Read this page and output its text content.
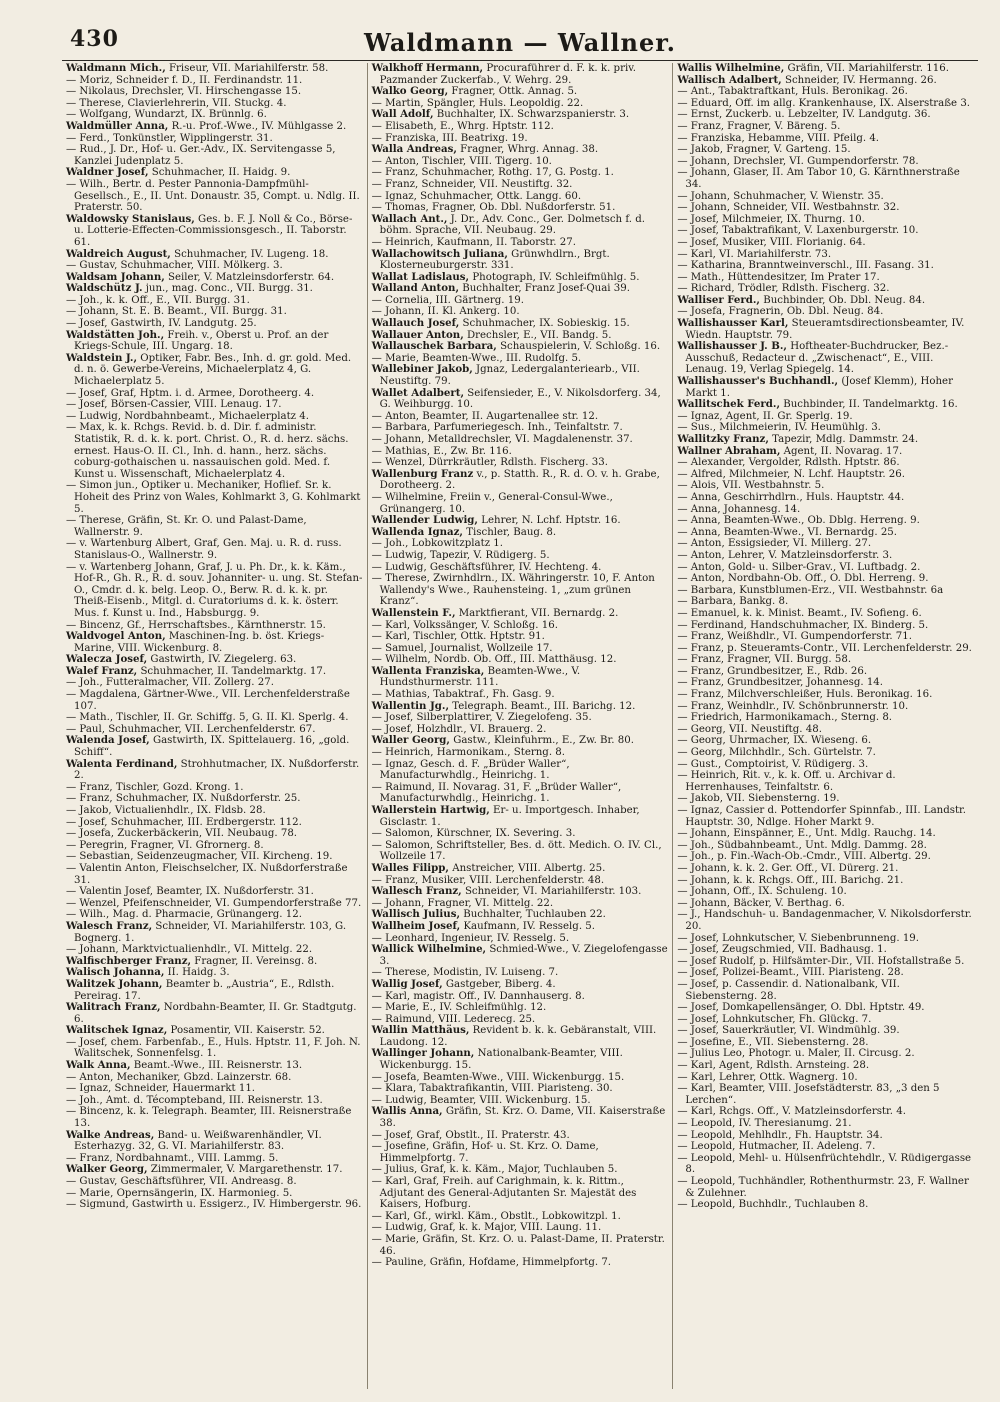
430	Waldmann — Wallner.

Waldmann Mich., Friseur, VII. Mariahilferstr. 58.

— Moriz, Schneider f. D., II. Ferdinandstr. 11.

— Nikolaus, Drechsler, VI. Hirschengasse 15.

— Therese, Clavierlehrerin, VII. Stuckg. 4.

— Wolfgang, Wundarzt, IX. Brünnlg. 6.

Waldmüller Anna, R.-u. Prof.-Wwe., IV. Mühlgasse 2.

— Ferd., Tonkünstler, Wipplingerstr. 31.

— Rud., J. Dr., Hof- u. Ger.-Adv., IX. Servitengasse 5, Kanzlei Judenplatz 5.

Waldner Josef, Schuhmacher, II. Haidg. 9.

— Wilh., Bertr. d. Pester Pannonia-Dampfmühl-Gesellsch., E., II. Unt. Donaustr. 35, Compt. u. Ndlg. II. Praterstr. 50.

Waldowsky Stanislaus, Ges. b. F. J. Noll & Co., Börse- u. Lotterie-Effecten-Commissionsgesch., II. Taborstr. 61.

Waldreich August, Schuhmacher, IV. Lugeng. 18.

— Gustav, Schuhmacher, VIII. Mölkerg. 3.

Waldsam Johann, Seiler, V. Matzleinsdorferstr. 64.

Waldschütz J. jun., mag. Conc., VII. Burgg. 31.

— Joh., k. k. Off., E., VII. Burgg. 31.

— Johann, St. E. B. Beamt., VII. Burgg. 31.

— Josef, Gastwirth, IV. Landgutg. 25.

Waldstätten Joh., Freih. v., Oberst u. Prof. an der Kriegs-Schule, III. Ungarg. 18.

Waldstein J., Optiker, Fabr. Bes., Inh. d. gr. gold. Med. d. n. ö. Gewerbe-Vereins, Michaelerplatz 4, G. Michaelerplatz 5.

— Josef, Graf, Hptm. i. d. Armee, Dorotheerg. 4.

— Josef, Börsen-Cassier, VIII. Lenaug. 17.

— Ludwig, Nordbahnbeamt., Michaelerplatz 4.

— Max, k. k. Rchgs. Revid. b. d. Dir. f. administr. Statistik, R. d. k. k. port. Christ. O., R. d. herz. sächs. ernest. Haus-O. II. Cl., Inh. d. hann., herz. sächs. coburg-gothaischen u. nassauischen gold. Med. f. Kunst u. Wissenschaft, Michaelerplatz 4.

— Simon jun., Optiker u. Mechaniker, Hoflief. Sr. k. Hoheit des Prinz von Wales, Kohlmarkt 3, G. Kohlmarkt 5.

— Therese, Gräfin, St. Kr. O. und Palast-Dame, Wallnerstr. 9.

— v. Wartenburg Albert, Graf, Gen. Maj. u. R. d. russ. Stanislaus-O., Wallnerstr. 9.

— v. Wartenberg Johann, Graf, J. u. Ph. Dr., k. k. Käm., Hof-R., Gh. R., R. d. souv. Johanniter- u. ung. St. Stefan-O., Cmdr. d. k. belg. Leop. O., Berw. R. d. k. k. pr. Theiß-Eisenb., Mitgl. d. Curatoriums d. k. k. österr. Mus. f. Kunst u. Ind., Habsburgg. 9.

— Bincenz, Gf., Herrschaftsbes., Kärnthnerstr. 15.

Waldvogel Anton, Maschinen-Ing. b. öst. Kriegs-Marine, VIII. Wickenburg. 8.

Walecza Josef, Gastwirth, IV. Ziegelerg. 63.

Walef Franz, Schuhmacher, II. Tandelmarktg. 17.

— Joh., Futteralmacher, VII. Zollerg. 27.

— Magdalena, Gärtner-Wwe., VII. Lerchenfelderstraße 107.

— Math., Tischler, II. Gr. Schiffg. 5, G. II. Kl. Sperlg. 4.

— Paul, Schuhmacher, VII. Lerchenfelderstr. 67.

Walenda Josef, Gastwirth, IX. Spittelauerg. 16, „gold. Schiff“.

Walenta Ferdinand, Strohhutmacher, IX. Nußdorferstr. 2.

— Franz, Tischler, Gozd. Krong. 1.

— Franz, Schuhmacher, IX. Nußdorferstr. 25.

— Jakob, Victualienhdlr., IX. Fldsb. 28.

— Josef, Schuhmacher, III. Erdbergerstr. 112.

— Josefa, Zuckerbäckerin, VII. Neubaug. 78.

— Peregrin, Fragner, VI. Gfrornerg. 8.

— Sebastian, Seidenzeugmacher, VII. Kircheng. 19.

— Valentin Anton, Fleischselcher, IX. Nußdorferstraße 31.

— Valentin Josef, Beamter, IX. Nußdorferstr. 31.

— Wenzel, Pfeifenschneider, VI. Gumpendorferstraße 77.

— Wilh., Mag. d. Pharmacie, Grünangerg. 12.

Walesch Franz, Schneider, VI. Mariahilferstr. 103, G. Bognerg. 1.

— Johann, Marktvictualienhdlr., VI. Mittelg. 22.

Walfischberger Franz, Fragner, II. Vereinsg. 8.

Walisch Johanna, II. Haidg. 3.

Walitzek Johann, Beamter b. „Austria“, E., Rdlsth. Pereirag. 17.

Walitrach Franz, Nordbahn-Beamter, II. Gr. Stadtgutg. 6.

Walitschek Ignaz, Posamentir, VII. Kaiserstr. 52.

— Josef, chem. Farbenfab., E., Huls. Hptstr. 11, F. Joh. N. Walitschek, Sonnenfelsg. 1.

Walk Anna, Beamt.-Wwe., III. Reisnerstr. 13.

— Anton, Mechaniker, Gbzd. Lainzerstr. 68.

— Ignaz, Schneider, Hauermarkt 11.

— Joh., Amt. d. Técompteband, III. Reisnerstr. 13.

— Bincenz, k. k. Telegraph. Beamter, III. Reisnerstraße 13.

Walke Andreas, Band- u. Weißwarenhändler, VI. Esterhazyg. 32, G. VI. Mariahilferstr. 83.

— Franz, Nordbahnamt., VIII. Lammg. 5.

Walker Georg, Zimmermaler, V. Margarethenstr. 17.

— Gustav, Geschäftsführer, VII. Andreasg. 8.

— Marie, Opernsängerin, IX. Harmonieg. 5.

— Sigmund, Gastwirth u. Essigerz., IV. Himbergerstr. 96.

Walkhoff Hermann, Procuraführer d. F. k. k. priv. Pazmander Zuckerfab., V. Wehrg. 29.

Walko Georg, Fragner, Ottk. Annag. 5.

— Martin, Spängler, Huls. Leopoldig. 22.

Wall Adolf, Buchhalter, IX. Schwarzspanierstr. 3.

— Elisabeth, E., Whrg. Hptstr. 112.

— Franziska, III. Beatrixg. 19.

Walla Andreas, Fragner, Whrg. Annag. 38.

— Anton, Tischler, VIII. Tigerg. 10.

— Franz, Schuhmacher, Rothg. 17, G. Postg. 1.

— Franz, Schneider, VII. Neustiftg. 32.

— Ignaz, Schuhmacher, Ottk. Langg. 60.

— Thomas, Fragner, Ob. Dbl. Nußdorferstr. 51.

Wallach Ant., J. Dr., Adv. Conc., Ger. Dolmetsch f. d. böhm. Sprache, VII. Neubaug. 29.

— Heinrich, Kaufmann, II. Taborstr. 27.

Wallachowitsch Juliana, Grünwhdlrn., Brgt. Klosterneuburgerstr. 331.

Wallat Ladislaus, Photograph, IV. Schleifmühlg. 5.

Walland Anton, Buchhalter, Franz Josef-Quai 39.

— Cornelia, III. Gärtnerg. 19.

— Johann, II. Kl. Ankerg. 10.

Wallauch Josef, Schuhmacher, IX. Sobieskig. 15.

Wallauer Anton, Drechsler, E., VII. Bandg. 5.

Wallauschek Barbara, Schauspielerin, V. Schloßg. 16.

— Marie, Beamten-Wwe., III. Rudolfg. 5.

Wallebiner Jakob, Jgnaz, Ledergalanteriearb., VII. Neustiftg. 79.

Wallet Adalbert, Seifensieder, E., V. Nikolsdorferg. 34, G. Weihburgg. 10.

— Anton, Beamter, II. Augartenallee str. 12.

— Barbara, Parfumeriegesch. Inh., Teinfaltstr. 7.

— Johann, Metalldrechsler, VI. Magdalenenstr. 37.

— Mathias, E., Zw. Br. 116.

— Wenzel, Dürrkräutler, Rdlsth. Fischerg. 33.

Wallenburg Franz v., p. Statth. R., R. d. O. v. h. Grabe, Dorotheerg. 2.

— Wilhelmine, Freiin v., General-Consul-Wwe., Grünangerg. 10.

Wallender Ludwig, Lehrer, N. Lchf. Hptstr. 16.

Wallenda Ignaz, Tischler, Baug. 8.

— Joh., Lobkowitzplatz 1.

— Ludwig, Tapezir, V. Rüdigerg. 5.

— Ludwig, Geschäftsführer, IV. Hechteng. 4.

— Therese, Zwirnhdlrn., IX. Währingerstr. 10, F. Anton Wallendy's Wwe., Rauhensteing. 1, „zum grünen Kranz“.

Wallenstein F., Marktfierant, VII. Bernardg. 2.

— Karl, Volkssänger, V. Schloßg. 16.

— Karl, Tischler, Ottk. Hptstr. 91.

— Samuel, Journalist, Wollzeile 17.

— Wilhelm, Nordb. Ob. Off., III. Matthäusg. 12.

Wallenta Franziska, Beamten-Wwe., V. Hundsthurmerstr. 111.

— Mathias, Tabaktraf., Fh. Gasg. 9.

Wallentin Jg., Telegraph. Beamt., III. Barichg. 12.

— Josef, Silberplattirer, V. Ziegelofeng. 35.

— Josef, Holzhdlr., VI. Brauerg. 2.

Waller Georg, Gastw., Kleinfuhrm., E., Zw. Br. 80.

— Heinrich, Harmonikam., Sterng. 8.

— Ignaz, Gesch. d. F. „Brüder Waller“, Manufacturwhdlg., Heinrichg. 1.

— Raimund, II. Novarag. 31, F. „Brüder Waller“, Manufacturwhdlg., Heinrichg. 1.

Wallerstein Hartwig, Er- u. Importgesch. Inhaber, Gisclastr. 1.

— Salomon, Kürschner, IX. Severing. 3.

— Salomon, Schriftsteller, Bes. d. ött. Medich. O. IV. Cl., Wollzeile 17.

Walles Filipp, Anstreicher, VIII. Albertg. 25.

— Franz, Musiker, VIII. Lerchenfelderstr. 48.

Wallesch Franz, Schneider, VI. Mariahilferstr. 103.

— Johann, Fragner, VI. Mittelg. 22.

Wallisch Julius, Buchhalter, Tuchlauben 22.

Wallheim Josef, Kaufmann, IV. Resselg. 5.

— Leonhard, Ingenieur, IV. Resselg. 5.

Wallick Wilhelmine, Schmied-Wwe., V. Ziegelofengasse 3.

— Therese, Modistin, IV. Luiseng. 7.

Wallig Josef, Gastgeber, Biberg. 4.

— Karl, magistr. Off., IV. Dannhauserg. 8.

— Marie, E., IV. Schleifmühlg. 12.

— Raimund, VIII. Lederecg. 25.

Wallin Matthäus, Revident b. k. k. Gebäranstalt, VIII. Laudong. 12.

Wallinger Johann, Nationalbank-Beamter, VIII. Wickenburgg. 15.

— Josefa, Beamten-Wwe., VIII. Wickenburgg. 15.

— Klara, Tabaktrafikantin, VIII. Piaristeng. 30.

— Ludwig, Beamter, VIII. Wickenburg. 15.

Wallis Anna, Gräfin, St. Krz. O. Dame, VII. Kaiserstraße 38.

— Josef, Graf, Obstlt., II. Praterstr. 43.

— Josefine, Gräfin, Hof- u. St. Krz. O. Dame, Himmelpfortg. 7.

— Julius, Graf, k. k. Käm., Major, Tuchlauben 5.

— Karl, Graf, Freih. auf Carighmain, k. k. Rittm., Adjutant des General-Adjutanten Sr. Majestät des Kaisers, Hofburg.

— Karl, Gf., wirkl. Käm., Obstlt., Lobkowitzpl. 1.

— Ludwig, Graf, k. k. Major, VIII. Laung. 11.

— Marie, Gräfin, St. Krz. O. u. Palast-Dame, II. Praterstr. 46.

— Pauline, Gräfin, Hofdame, Himmelpfortg. 7.

Wallis Wilhelmine, Gräfin, VII. Mariahilferstr. 116.

Wallisch Adalbert, Schneider, IV. Hermanng. 26.

— Ant., Tabaktraftkant, Huls. Beronikag. 26.

— Eduard, Off. im allg. Krankenhause, IX. Alserstraße 3.

— Ernst, Zuckerb. u. Lebzelter, IV. Landgutg. 36.

— Franz, Fragner, V. Bäreng. 5.

— Franziska, Hebamme, VIII. Pfeilg. 4.

— Jakob, Fragner, V. Garteng. 15.

— Johann, Drechsler, VI. Gumpendorferstr. 78.

— Johann, Glaser, II. Am Tabor 10, G. Kärnthnerstraße 34.

— Johann, Schuhmacher, V. Wienstr. 35.

— Johann, Schneider, VII. Westbahnstr. 32.

— Josef, Milchmeier, IX. Thurng. 10.

— Josef, Tabaktrafikant, V. Laxenburgerstr. 10.

— Josef, Musiker, VIII. Florianig. 64.

— Karl, VI. Mariahilferstr. 73.

— Katharina, Branntweinverschl., III. Fasang. 31.

— Math., Hüttendesitzer, Im Prater 17.

— Richard, Trödler, Rdlsth. Fischerg. 32.

Walliser Ferd., Buchbinder, Ob. Dbl. Neug. 84.

— Josefa, Fragnerin, Ob. Dbl. Neug. 84.

Wallishausser Karl, Steueramtsdirectionsbeamter, IV. Wiedn. Hauptstr. 79.

Wallishausser J. B., Hoftheater-Buchdrucker, Bez.-Ausschuß, Redacteur d. „Zwischenact“, E., VIII. Lenaug. 19, Verlag Spiegelg. 14.

Wallishausser's Buchhandl., (Josef Klemm), Hoher Markt 1.

Wallitschek Ferd., Buchbinder, II. Tandelmarktg. 16.

— Ignaz, Agent, II. Gr. Sperlg. 19.

— Sus., Milchmeierin, IV. Heumühlg. 3.

Wallitzky Franz, Tapezir, Mdlg. Dammstr. 24.

Wallner Abraham, Agent, II. Novarag. 17.

— Alexander, Vergolder, Rdlsth. Hptstr. 86.

— Alfred, Milchmeier, N. Lchf. Hauptstr. 26.

— Alois, VII. Westbahnstr. 5.

— Anna, Geschirrhdlrn., Huls. Hauptstr. 44.

— Anna, Johannesg. 14.

— Anna, Beamten-Wwe., Ob. Dblg. Herreng. 9.

— Anna, Beamten-Wwe., VI. Bernardg. 25.

— Anton, Essigsieder, VI. Millerg. 27.

— Anton, Lehrer, V. Matzleinsdorferstr. 3.

— Anton, Gold- u. Silber-Grav., VI. Luftbadg. 2.

— Anton, Nordbahn-Ob. Off., O. Dbl. Herreng. 9.

— Barbara, Kunstblumen-Erz., VII. Westbahnstr. 6a

— Barbara, Bankg. 8.

— Emanuel, k. k. Minist. Beamt., IV. Sofieng. 6.

— Ferdinand, Handschuhmacher, IX. Binderg. 5.

— Franz, Weißhdlr., VI. Gumpendorferstr. 71.

— Franz, p. Steueramts-Contr., VII. Lerchenfelderstr. 29.

— Franz, Fragner, VII. Burgg. 58.

— Franz, Grundbesitzer, E., Rdb. 26.

— Franz, Grundbesitzer, Johannesg. 14.

— Franz, Milchverschleißer, Huls. Beronikag. 16.

— Franz, Weinhdlr., IV. Schönbrunnerstr. 10.

— Friedrich, Harmonikamach., Sterng. 8.

— Georg, VII. Neustiftg. 48.

— Georg, Uhrmacher, IX. Wieseng. 6.

— Georg, Milchhdlr., Sch. Gürtelstr. 7.

— Gust., Comptoirist, V. Rüdigerg. 3.

— Heinrich, Rit. v., k. k. Off. u. Archivar d. Herrenhauses, Teinfaltstr. 6.

— Jakob, VII. Siebensterng. 19.

— Ignaz, Cassier d. Pottendorfer Spinnfab., III. Landstr. Hauptstr. 30, Ndlge. Hoher Markt 9.

— Johann, Einspänner, E., Unt. Mdlg. Rauchg. 14.

— Joh., Südbahnbeamt., Unt. Mdlg. Dammg. 28.

— Joh., p. Fin.-Wach-Ob.-Cmdr., VIII. Albertg. 29.

— Johann, k. k. 2. Ger. Off., VI. Dürerg. 21.

— Johann, k. k. Rchgs. Off., III. Barichg. 21.

— Johann, Off., IX. Schuleng. 10.

— Johann, Bäcker, V. Berthag. 6.

— J., Handschuh- u. Bandagenmacher, V. Nikolsdorferstr. 20.

— Josef, Lohnkutscher, V. Siebenbrunneng. 19.

— Josef, Zeugschmied, VII. Badhausg. 1.

— Josef Rudolf, p. Hilfsämter-Dir., VII. Hofstallstraße 5.

— Josef, Polizei-Beamt., VIII. Piaristeng. 28.

— Josef, p. Cassendir. d. Nationalbank, VII. Siebensterng. 28.

— Josef, Domkapellensänger, O. Dbl. Hptstr. 49.

— Josef, Lohnkutscher, Fh. Glückg. 7.

— Josef, Sauerkräutler, VI. Windmühlg. 39.

— Josefine, E., VII. Siebensterng. 28.

— Julius Leo, Photogr. u. Maler, II. Circusg. 2.

— Karl, Agent, Rdlsth. Arnsteing. 28.

— Karl, Lehrer, Ottk. Wagnerg. 10.

— Karl, Beamter, VIII. Josefstädterstr. 83, „3 den 5 Lerchen“.

— Karl, Rchgs. Off., V. Matzleinsdorferstr. 4.

— Leopold, IV. Theresianumg. 21.

— Leopold, Mehlhdlr., Fh. Hauptstr. 34.

— Leopold, Hutmacher, II. Adeleng. 7.

— Leopold, Mehl- u. Hülsenfrüchtehdlr., V. Rüdigergasse 8.

— Leopold, Tuchhändler, Rothenthurmstr. 23, F. Wallner & Zulehner.

— Leopold, Buchhdlr., Tuchlauben 8.
